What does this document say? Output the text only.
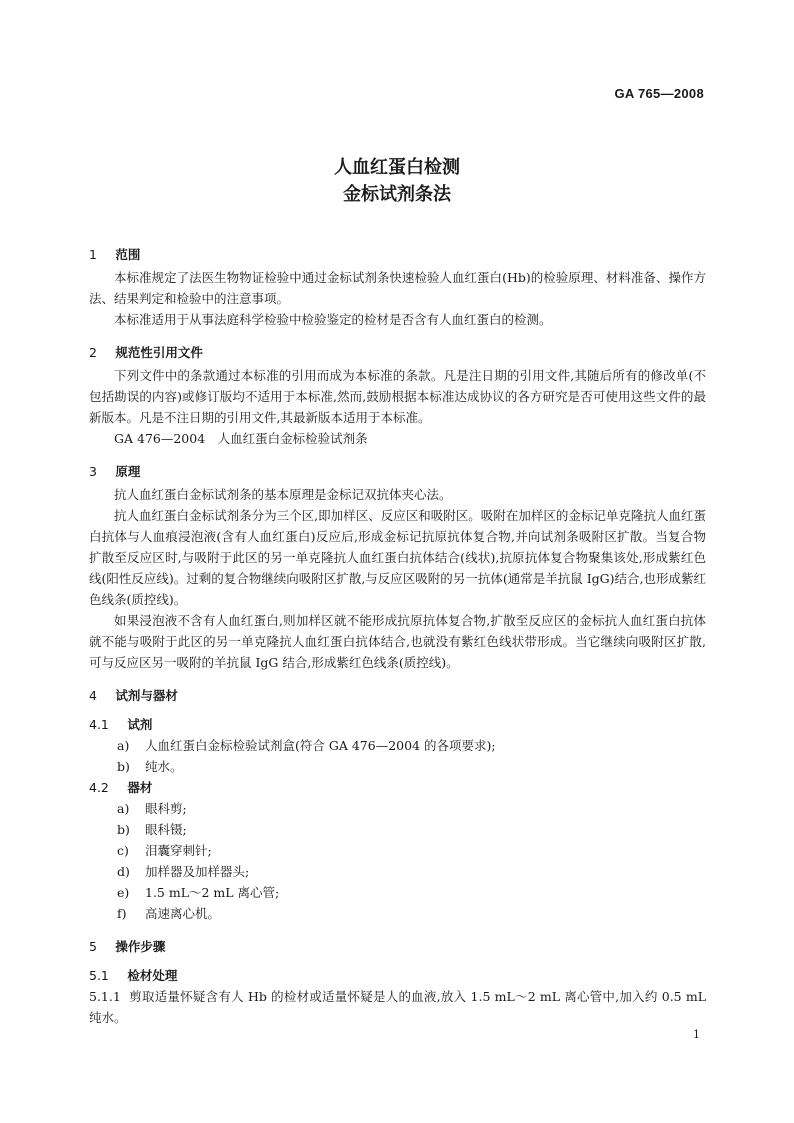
GA 765—2008
人血红蛋白检测
金标试剂条法
1 范围

本标准规定了法医生物物证检验中通过金标试剂条快速检验人血红蛋白(Hb)的检验原理、材料准备、操作方法、结果判定和检验中的注意事项。

本标准适用于从事法庭科学检验中检验鉴定的检材是否含有人血红蛋白的检测。

2 规范性引用文件

下列文件中的条款通过本标准的引用而成为本标准的条款。凡是注日期的引用文件,其随后所有的修改单(不包括勘误的内容)或修订版均不适用于本标准,然而,鼓励根据本标准达成协议的各方研究是否可使用这些文件的最新版本。凡是不注日期的引用文件,其最新版本适用于本标准。

GA 476—2004　人血红蛋白金标检验试剂条

3 原理

抗人血红蛋白金标试剂条的基本原理是金标记双抗体夹心法。

抗人血红蛋白金标试剂条分为三个区,即加样区、反应区和吸附区。吸附在加样区的金标记单克隆抗人血红蛋白抗体与人血痕浸泡液(含有人血红蛋白)反应后,形成金标记抗原抗体复合物,并向试剂条吸附区扩散。当复合物扩散至反应区时,与吸附于此区的另一单克隆抗人血红蛋白抗体结合(线状),抗原抗体复合物聚集该处,形成紫红色线(阳性反应线)。过剩的复合物继续向吸附区扩散,与反应区吸附的另一抗体(通常是羊抗鼠 IgG)结合,也形成紫红色线条(质控线)。

如果浸泡液不含有人血红蛋白,则加样区就不能形成抗原抗体复合物,扩散至反应区的金标抗人血红蛋白抗体就不能与吸附于此区的另一单克隆抗人血红蛋白抗体结合,也就没有紫红色线状带形成。当它继续向吸附区扩散,可与反应区另一吸附的羊抗鼠 IgG 结合,形成紫红色线条(质控线)。

4 试剂与器材
4.1 试剂
a) 人血红蛋白金标检验试剂盒(符合 GA 476—2004 的各项要求);
b) 纯水。
4.2 器材
a) 眼科剪;
b) 眼科镊;
c) 泪囊穿刺针;
d) 加样器及加样器头;
e) 1.5 mL～2 mL 离心管;
f) 高速离心机。
5 操作步骤
5.1 检材处理
5.1.1 剪取适量怀疑含有人 Hb 的检材或适量怀疑是人的血液,放入 1.5 mL～2 mL 离心管中,加入约 0.5 mL 纯水。
1
